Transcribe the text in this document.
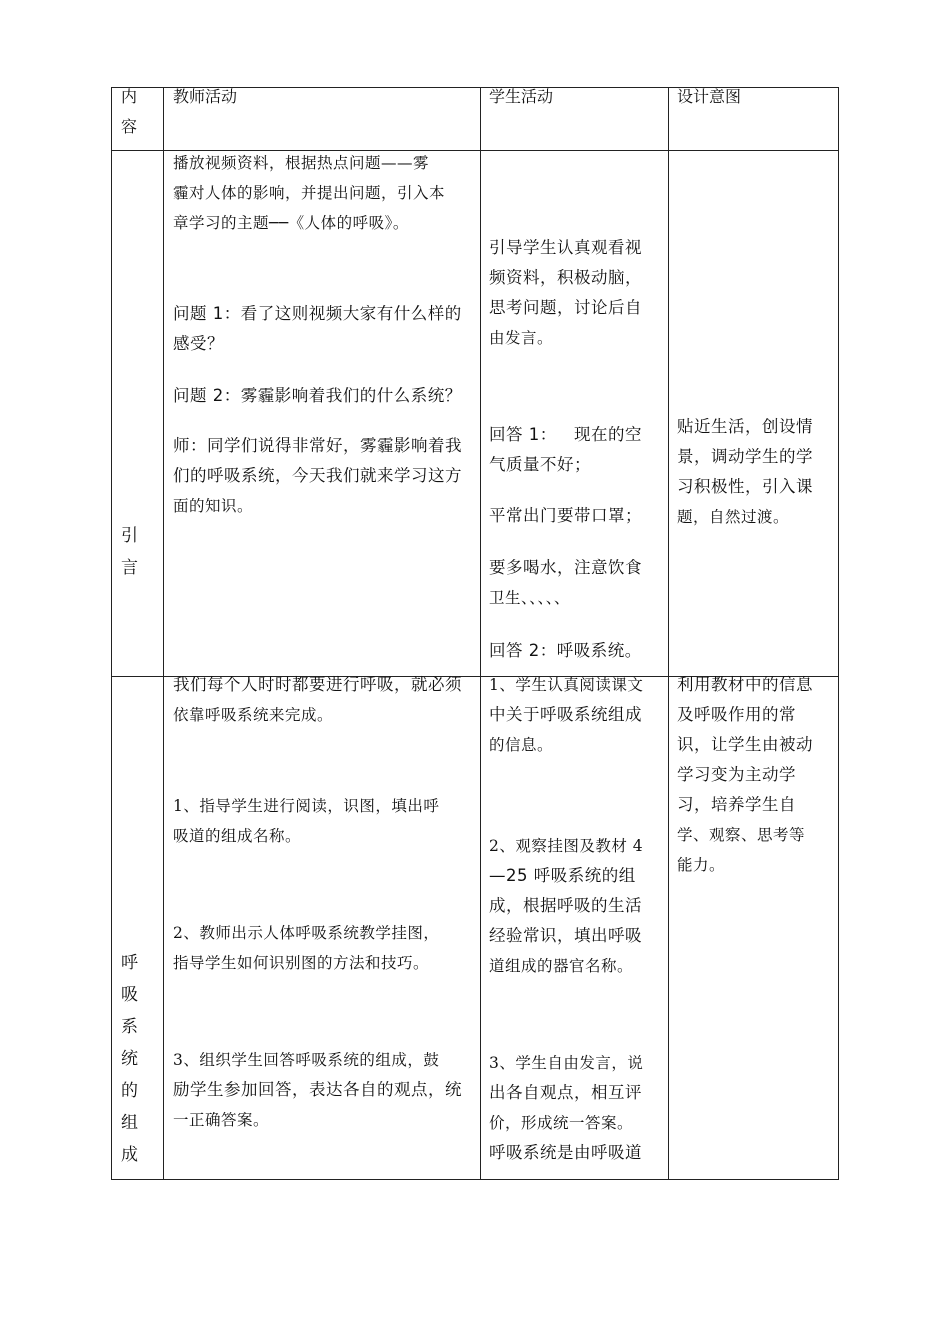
内
容
教师活动	学生活动	设计意图
引
言
播放视频资料，根据热点问题——雾
霾对人体的影响，并提出问题，引入本
章学习的主题──《人体的呼吸》。
问题 1：看了这则视频大家有什么样的
感受？
问题 2：雾霾影响着我们的什么系统？
师：同学们说得非常好，雾霾影响着我
们的呼吸系统，今天我们就来学习这方
面的知识。
引导学生认真观看视
频资料，积极动脑，
思考问题，讨论后自
由发言。
回答 1：   现在的空
气质量不好；
平常出门要带口罩；
要多喝水，注意饮食
卫生、、、、、
回答 2：呼吸系统。
贴近生活，创设情
景，调动学生的学
习积极性，引入课
题，自然过渡。
呼
吸
系
统
的
组
成
我们每个人时时都要进行呼吸，就必须
依靠呼吸系统来完成。
1、指导学生进行阅读，识图，填出呼
吸道的组成名称。
2、教师出示人体呼吸系统教学挂图，
指导学生如何识别图的方法和技巧。
3、组织学生回答呼吸系统的组成，鼓
励学生参加回答，表达各自的观点，统
一正确答案。
1、学生认真阅读课文
中关于呼吸系统组成
的信息。
2、观察挂图及教材 4
—25 呼吸系统的组
成，根据呼吸的生活
经验常识，填出呼吸
道组成的器官名称。
3、学生自由发言，说
出各自观点，相互评
价，形成统一答案。
呼吸系统是由呼吸道
利用教材中的信息
及呼吸作用的常
识，让学生由被动
学习变为主动学
习，培养学生自
学、观察、思考等
能力。
